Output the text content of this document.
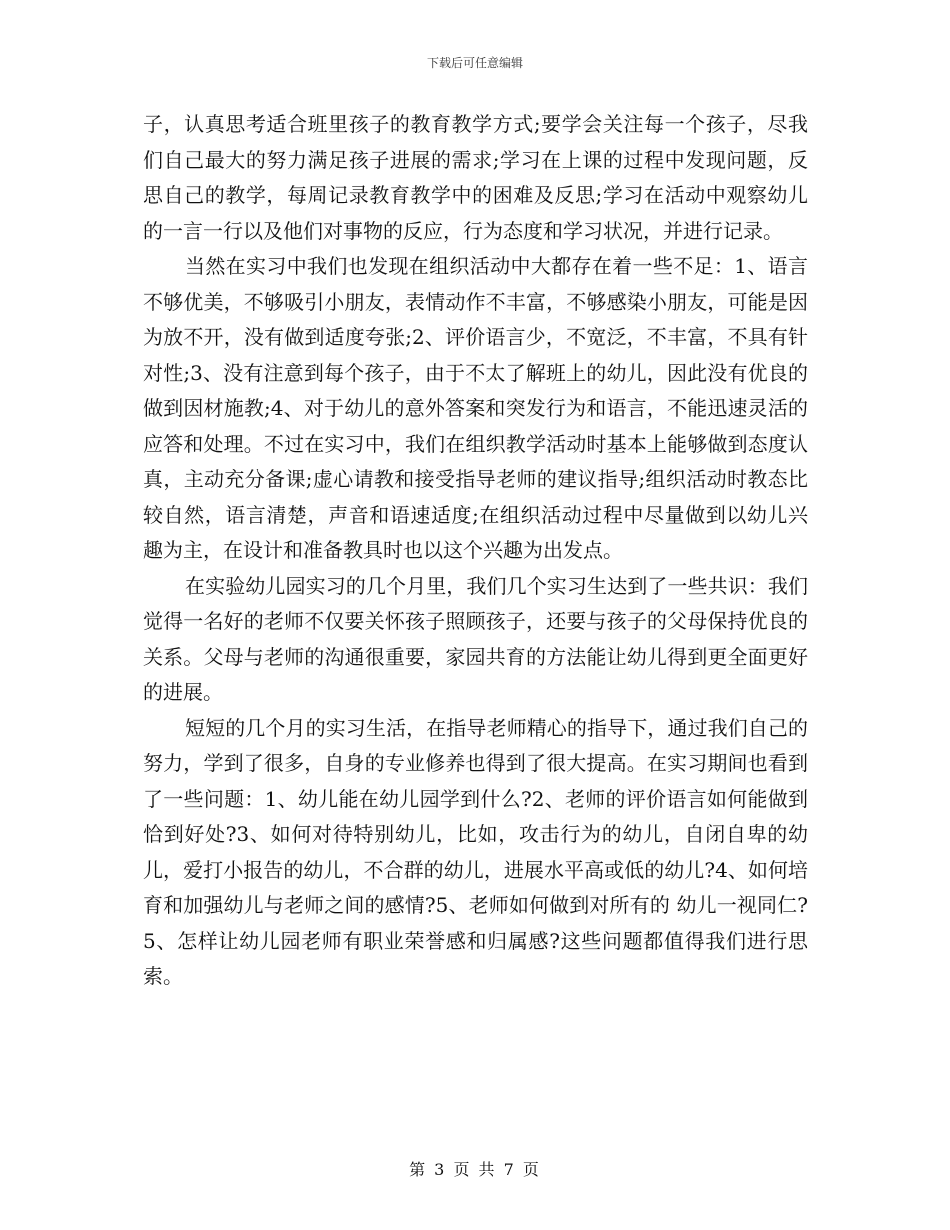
下载后可任意编辑

子，认真思考适合班里孩子的教育教学方式;要学会关注每一个孩子，尽我们自己最大的努力满足孩子进展的需求;学习在上课的过程中发现问题，反思自己的教学，每周记录教育教学中的困难及反思;学习在活动中观察幼儿的一言一行以及他们对事物的反应，行为态度和学习状况，并进行记录。

当然在实习中我们也发现在组织活动中大都存在着一些不足：1、语言不够优美，不够吸引小朋友，表情动作不丰富，不够感染小朋友，可能是因为放不开，没有做到适度夸张;2、评价语言少，不宽泛，不丰富，不具有针对性;3、没有注意到每个孩子，由于不太了解班上的幼儿，因此没有优良的做到因材施教;4、对于幼儿的意外答案和突发行为和语言，不能迅速灵活的应答和处理。不过在实习中，我们在组织教学活动时基本上能够做到态度认真，主动充分备课;虚心请教和接受指导老师的建议指导;组织活动时教态比较自然，语言清楚，声音和语速适度;在组织活动过程中尽量做到以幼儿兴趣为主，在设计和准备教具时也以这个兴趣为出发点。

在实验幼儿园实习的几个月里，我们几个实习生达到了一些共识：我们觉得一名好的老师不仅要关怀孩子照顾孩子，还要与孩子的父母保持优良的关系。父母与老师的沟通很重要，家园共育的方法能让幼儿得到更全面更好的进展。

短短的几个月的实习生活，在指导老师精心的指导下，通过我们自己的努力，学到了很多，自身的专业修养也得到了很大提高。在实习期间也看到了一些问题：1、幼儿能在幼儿园学到什么?2、老师的评价语言如何能做到恰到好处?3、如何对待特别幼儿，比如，攻击行为的幼儿，自闭自卑的幼儿，爱打小报告的幼儿，不合群的幼儿，进展水平高或低的幼儿?4、如何培育和加强幼儿与老师之间的感情?5、老师如何做到对所有的 幼儿一视同仁?5、怎样让幼儿园老师有职业荣誉感和归属感?这些问题都值得我们进行思索。

第 3 页 共 7 页
